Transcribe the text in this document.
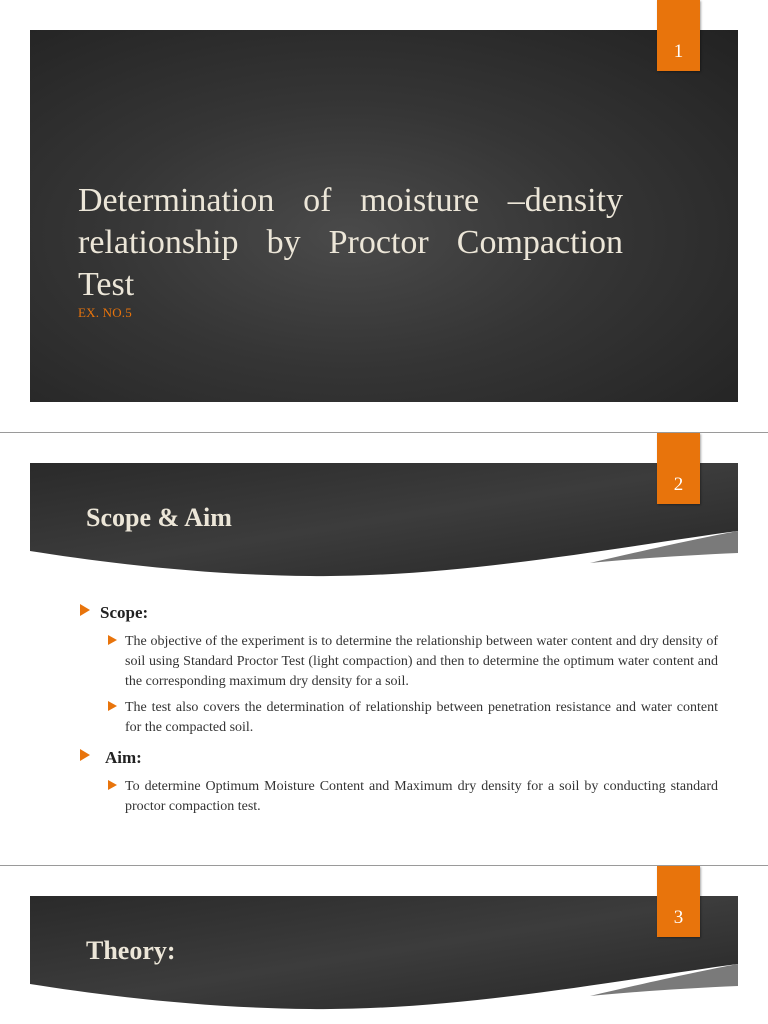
Determination of moisture –density relationship by Proctor Compaction Test
EX. NO.5
1
2
Scope & Aim
Scope:
The objective of the experiment is to determine the relationship between water content and dry density of soil using Standard Proctor Test (light compaction) and then to determine the optimum water content and the corresponding maximum dry density for a soil.
The test also covers the determination of relationship between penetration resistance and water content for the compacted soil.
Aim:
To determine Optimum Moisture Content and Maximum dry density for a soil by conducting standard proctor compaction test.
3
Theory:
